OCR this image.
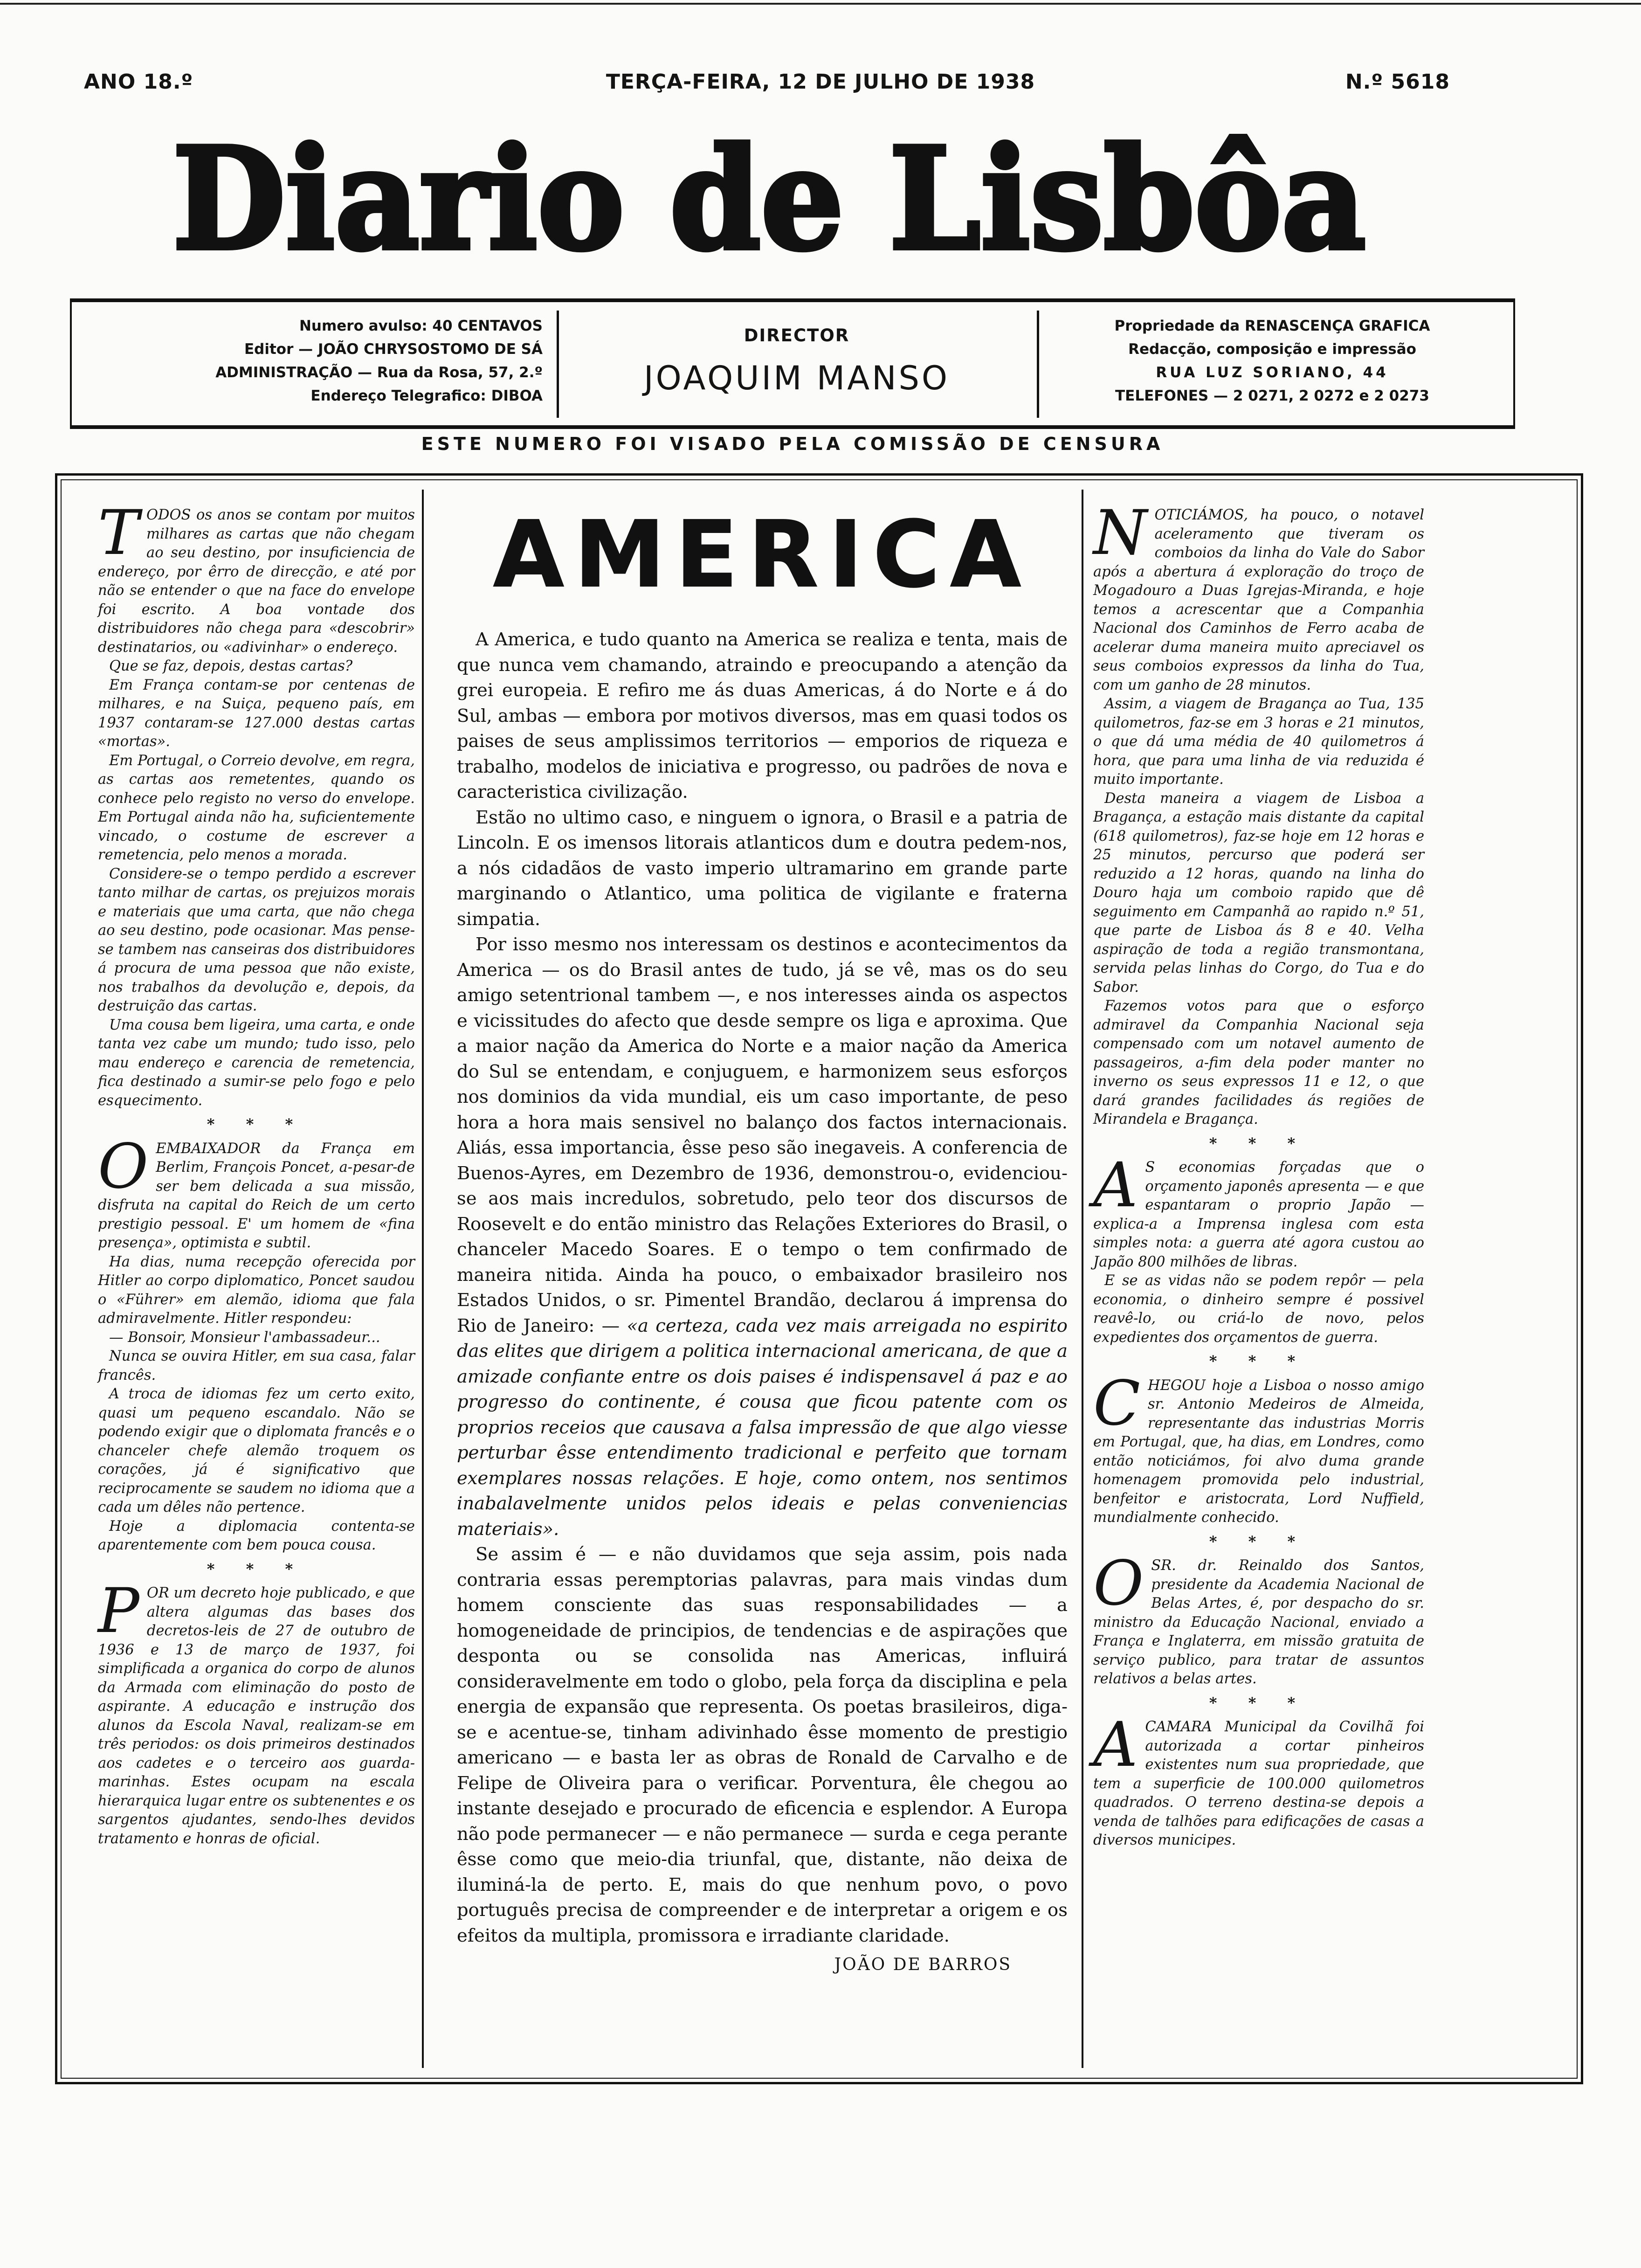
ANO 18.º	TERÇA-FEIRA, 12 DE JULHO DE 1938	N.º 5618
Diario de Lisbôa
Numero avulso: 40 CENTAVOS
Editor — JOÃO CHRYSOSTOMO DE SÁ
ADMINISTRAÇÃO — Rua da Rosa, 57, 2.º
Endereço Telegrafico: DIBOA
DIRECTOR
JOAQUIM MANSO
Propriedade da RENASCENÇA GRAFICA
Redacção, composição e impressão
RUA LUZ SORIANO, 44
TELEFONES — 2 0271, 2 0272 e 2 0273
ESTE NUMERO FOI VISADO PELA COMISSÃO DE CENSURA
T ODOS os anos se contam por muitos milhares as cartas que não chegam ao seu destino, por insuficiencia de endereço, por êrro de direcção, e até por não se entender o que na face do envelope foi escrito. A boa vontade dos distribuidores não chega para «descobrir» destinatarios, ou «adivinhar» o endereço.

Que se faz, depois, destas cartas?

Em França contam-se por centenas de milhares, e na Suiça, pequeno país, em 1937 contaram-se 127.000 destas cartas «mortas».

Em Portugal, o Correio devolve, em regra, as cartas aos remetentes, quando os conhece pelo registo no verso do envelope. Em Portugal ainda não ha, suficientemente vincado, o costume de escrever a remetencia, pelo menos a morada.

Considere-se o tempo perdido a escrever tanto milhar de cartas, os prejuizos morais e materiais que uma carta, que não chega ao seu destino, pode ocasionar. Mas pense-se tambem nas canseiras dos distribuidores á procura de uma pessoa que não existe, nos trabalhos da devolução e, depois, da destruição das cartas.

Uma cousa bem ligeira, uma carta, e onde tanta vez cabe um mundo; tudo isso, pelo mau endereço e carencia de remetencia, fica destinado a sumir-se pelo fogo e pelo esquecimento.

* * *
O EMBAIXADOR da França em Berlim, François Poncet, a-pesar-de ser bem delicada a sua missão, disfruta na capital do Reich de um certo prestigio pessoal. E' um homem de «fina presença», optimista e subtil.

Ha dias, numa recepção oferecida por Hitler ao corpo diplomatico, Poncet saudou o «Führer» em alemão, idioma que fala admiravelmente. Hitler respondeu:

— Bonsoir, Monsieur l'ambassadeur...

Nunca se ouvira Hitler, em sua casa, falar francês.

A troca de idiomas fez um certo exito, quasi um pequeno escandalo. Não se podendo exigir que o diplomata francês e o chanceler chefe alemão troquem os corações, já é significativo que reciprocamente se saudem no idioma que a cada um dêles não pertence.

Hoje a diplomacia contenta-se aparentemente com bem pouca cousa.

* * *
P OR um decreto hoje publicado, e que altera algumas das bases dos decretos-leis de 27 de outubro de 1936 e 13 de março de 1937, foi simplificada a organica do corpo de alunos da Armada com eliminação do posto de aspirante. A educação e instrução dos alunos da Escola Naval, realizam-se em três periodos: os dois primeiros destinados aos cadetes e o terceiro aos guarda-marinhas. Estes ocupam na escala hierarquica lugar entre os subtenentes e os sargentos ajudantes, sendo-lhes devidos tratamento e honras de oficial.

AMERICA

A America, e tudo quanto na America se realiza e tenta, mais de que nunca vem chamando, atraindo e preocupando a atenção da grei europeia. E refiro me ás duas Americas, á do Norte e á do Sul, ambas — embora por motivos diversos, mas em quasi todos os paises de seus amplissimos territorios — emporios de riqueza e trabalho, modelos de iniciativa e progresso, ou padrões de nova e caracteristica civilização.

Estão no ultimo caso, e ninguem o ignora, o Brasil e a patria de Lincoln. E os imensos litorais atlanticos dum e doutra pedem-nos, a nós cidadãos de vasto imperio ultramarino em grande parte marginando o Atlantico, uma politica de vigilante e fraterna simpatia.

Por isso mesmo nos interessam os destinos e acontecimentos da America — os do Brasil antes de tudo, já se vê, mas os do seu amigo setentrional tambem —, e nos interesses ainda os aspectos e vicissitudes do afecto que desde sempre os liga e aproxima. Que a maior nação da America do Norte e a maior nação da America do Sul se entendam, e conjuguem, e harmonizem seus esforços nos dominios da vida mundial, eis um caso importante, de peso hora a hora mais sensivel no balanço dos factos internacionais. Aliás, essa importancia, êsse peso são inegaveis. A conferencia de Buenos-Ayres, em Dezembro de 1936, demonstrou-o, evidenciou-se aos mais incredulos, sobretudo, pelo teor dos discursos de Roosevelt e do então ministro das Relações Exteriores do Brasil, o chanceler Macedo Soares. E o tempo o tem confirmado de maneira nitida. Ainda ha pouco, o embaixador brasileiro nos Estados Unidos, o sr. Pimentel Brandão, declarou á imprensa do Rio de Janeiro: — «a certeza, cada vez mais arreigada no espirito das elites que dirigem a politica internacional americana, de que a amizade confiante entre os dois paises é indispensavel á paz e ao progresso do continente, é cousa que ficou patente com os proprios receios que causava a falsa impressão de que algo viesse perturbar êsse entendimento tradicional e perfeito que tornam exemplares nossas relações. E hoje, como ontem, nos sentimos inabalavelmente unidos pelos ideais e pelas conveniencias materiais».

Se assim é — e não duvidamos que seja assim, pois nada contraria essas peremptorias palavras, para mais vindas dum homem consciente das suas responsabilidades — a homogeneidade de principios, de tendencias e de aspirações que desponta ou se consolida nas Americas, influirá consideravelmente em todo o globo, pela força da disciplina e pela energia de expansão que representa. Os poetas brasileiros, diga-se e acentue-se, tinham adivinhado êsse momento de prestigio americano — e basta ler as obras de Ronald de Carvalho e de Felipe de Oliveira para o verificar. Porventura, êle chegou ao instante desejado e procurado de eficencia e esplendor. A Europa não pode permanecer — e não permanece — surda e cega perante êsse como que meio-dia triunfal, que, distante, não deixa de iluminá-la de perto. E, mais do que nenhum povo, o povo português precisa de compreender e de interpretar a origem e os efeitos da multipla, promissora e irradiante claridade.

JOÃO DE BARROS

N OTICIÁMOS, ha pouco, o notavel aceleramento que tiveram os comboios da linha do Vale do Sabor após a abertura á exploração do troço de Mogadouro a Duas Igrejas-Miranda, e hoje temos a acrescentar que a Companhia Nacional dos Caminhos de Ferro acaba de acelerar duma maneira muito apreciavel os seus comboios expressos da linha do Tua, com um ganho de 28 minutos.

Assim, a viagem de Bragança ao Tua, 135 quilometros, faz-se em 3 horas e 21 minutos, o que dá uma média de 40 quilometros á hora, que para uma linha de via reduzida é muito importante.

Desta maneira a viagem de Lisboa a Bragança, a estação mais distante da capital (618 quilometros), faz-se hoje em 12 horas e 25 minutos, percurso que poderá ser reduzido a 12 horas, quando na linha do Douro haja um comboio rapido que dê seguimento em Campanhã ao rapido n.º 51, que parte de Lisboa ás 8 e 40. Velha aspiração de toda a região transmontana, servida pelas linhas do Corgo, do Tua e do Sabor.

Fazemos votos para que o esforço admiravel da Companhia Nacional seja compensado com um notavel aumento de passageiros, a-fim dela poder manter no inverno os seus expressos 11 e 12, o que dará grandes facilidades ás regiões de Mirandela e Bragança.

* * *
A S economias forçadas que o orçamento japonês apresenta — e que espantaram o proprio Japão — explica-a a Imprensa inglesa com esta simples nota: a guerra até agora custou ao Japão 800 milhões de libras.

E se as vidas não se podem repôr — pela economia, o dinheiro sempre é possivel reavê-lo, ou criá-lo de novo, pelos expedientes dos orçamentos de guerra.

* * *
C HEGOU hoje a Lisboa o nosso amigo sr. Antonio Medeiros de Almeida, representante das industrias Morris em Portugal, que, ha dias, em Londres, como então noticiámos, foi alvo duma grande homenagem promovida pelo industrial, benfeitor e aristocrata, Lord Nuffield, mundialmente conhecido.

* * *
O SR. dr. Reinaldo dos Santos, presidente da Academia Nacional de Belas Artes, é, por despacho do sr. ministro da Educação Nacional, enviado a França e Inglaterra, em missão gratuita de serviço publico, para tratar de assuntos relativos a belas artes.

* * *
A CAMARA Municipal da Covilhã foi autorizada a cortar pinheiros existentes num sua propriedade, que tem a superficie de 100.000 quilometros quadrados. O terreno destina-se depois a venda de talhões para edificações de casas a diversos municipes.
